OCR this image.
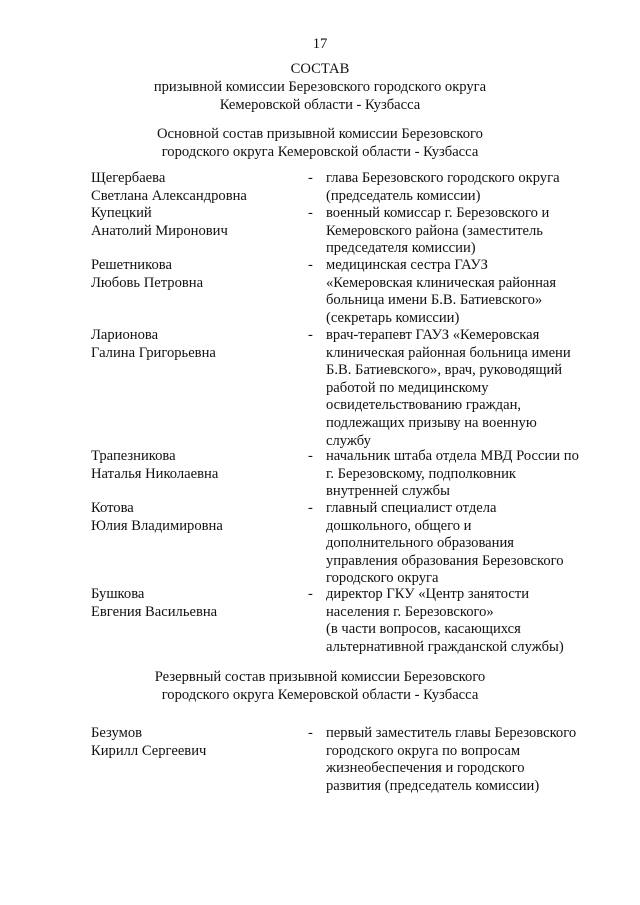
17
СОСТАВ
призывной комиссии Березовского городского округа
Кемеровской области - Кузбасса
Основной состав призывной комиссии Березовского
городского округа Кемеровской области - Кузбасса
Щегербаева
Светлана Александровна
- глава Березовского городского округа
(председатель комиссии)
Купецкий
Анатолий Миронович
- военный комиссар г. Березовского и
Кемеровского района (заместитель
председателя комиссии)
Решетникова
Любовь Петровна
- медицинская сестра ГАУЗ
«Кемеровская клиническая районная
больница имени Б.В. Батиевского»
(секретарь комиссии)
Ларионова
Галина Григорьевна
- врач-терапевт ГАУЗ «Кемеровская
клиническая районная больница имени
Б.В. Батиевского», врач, руководящий
работой по медицинскому
освидетельствованию граждан,
подлежащих призыву на военную
службу
Трапезникова
Наталья Николаевна
- начальник штаба отдела МВД России по
г. Березовскому, подполковник
внутренней службы
Котова
Юлия Владимировна
- главный специалист отдела
дошкольного, общего и
дополнительного образования
управления образования Березовского
городского округа
Бушкова
Евгения Васильевна
- директор ГКУ «Центр занятости
населения г. Березовского»
(в части вопросов, касающихся
альтернативной гражданской службы)
Резервный состав призывной комиссии Березовского
городского округа Кемеровской области - Кузбасса
Безумов
Кирилл Сергеевич
- первый заместитель главы Березовского
городского округа по вопросам
жизнеобеспечения и городского
развития (председатель комиссии)
